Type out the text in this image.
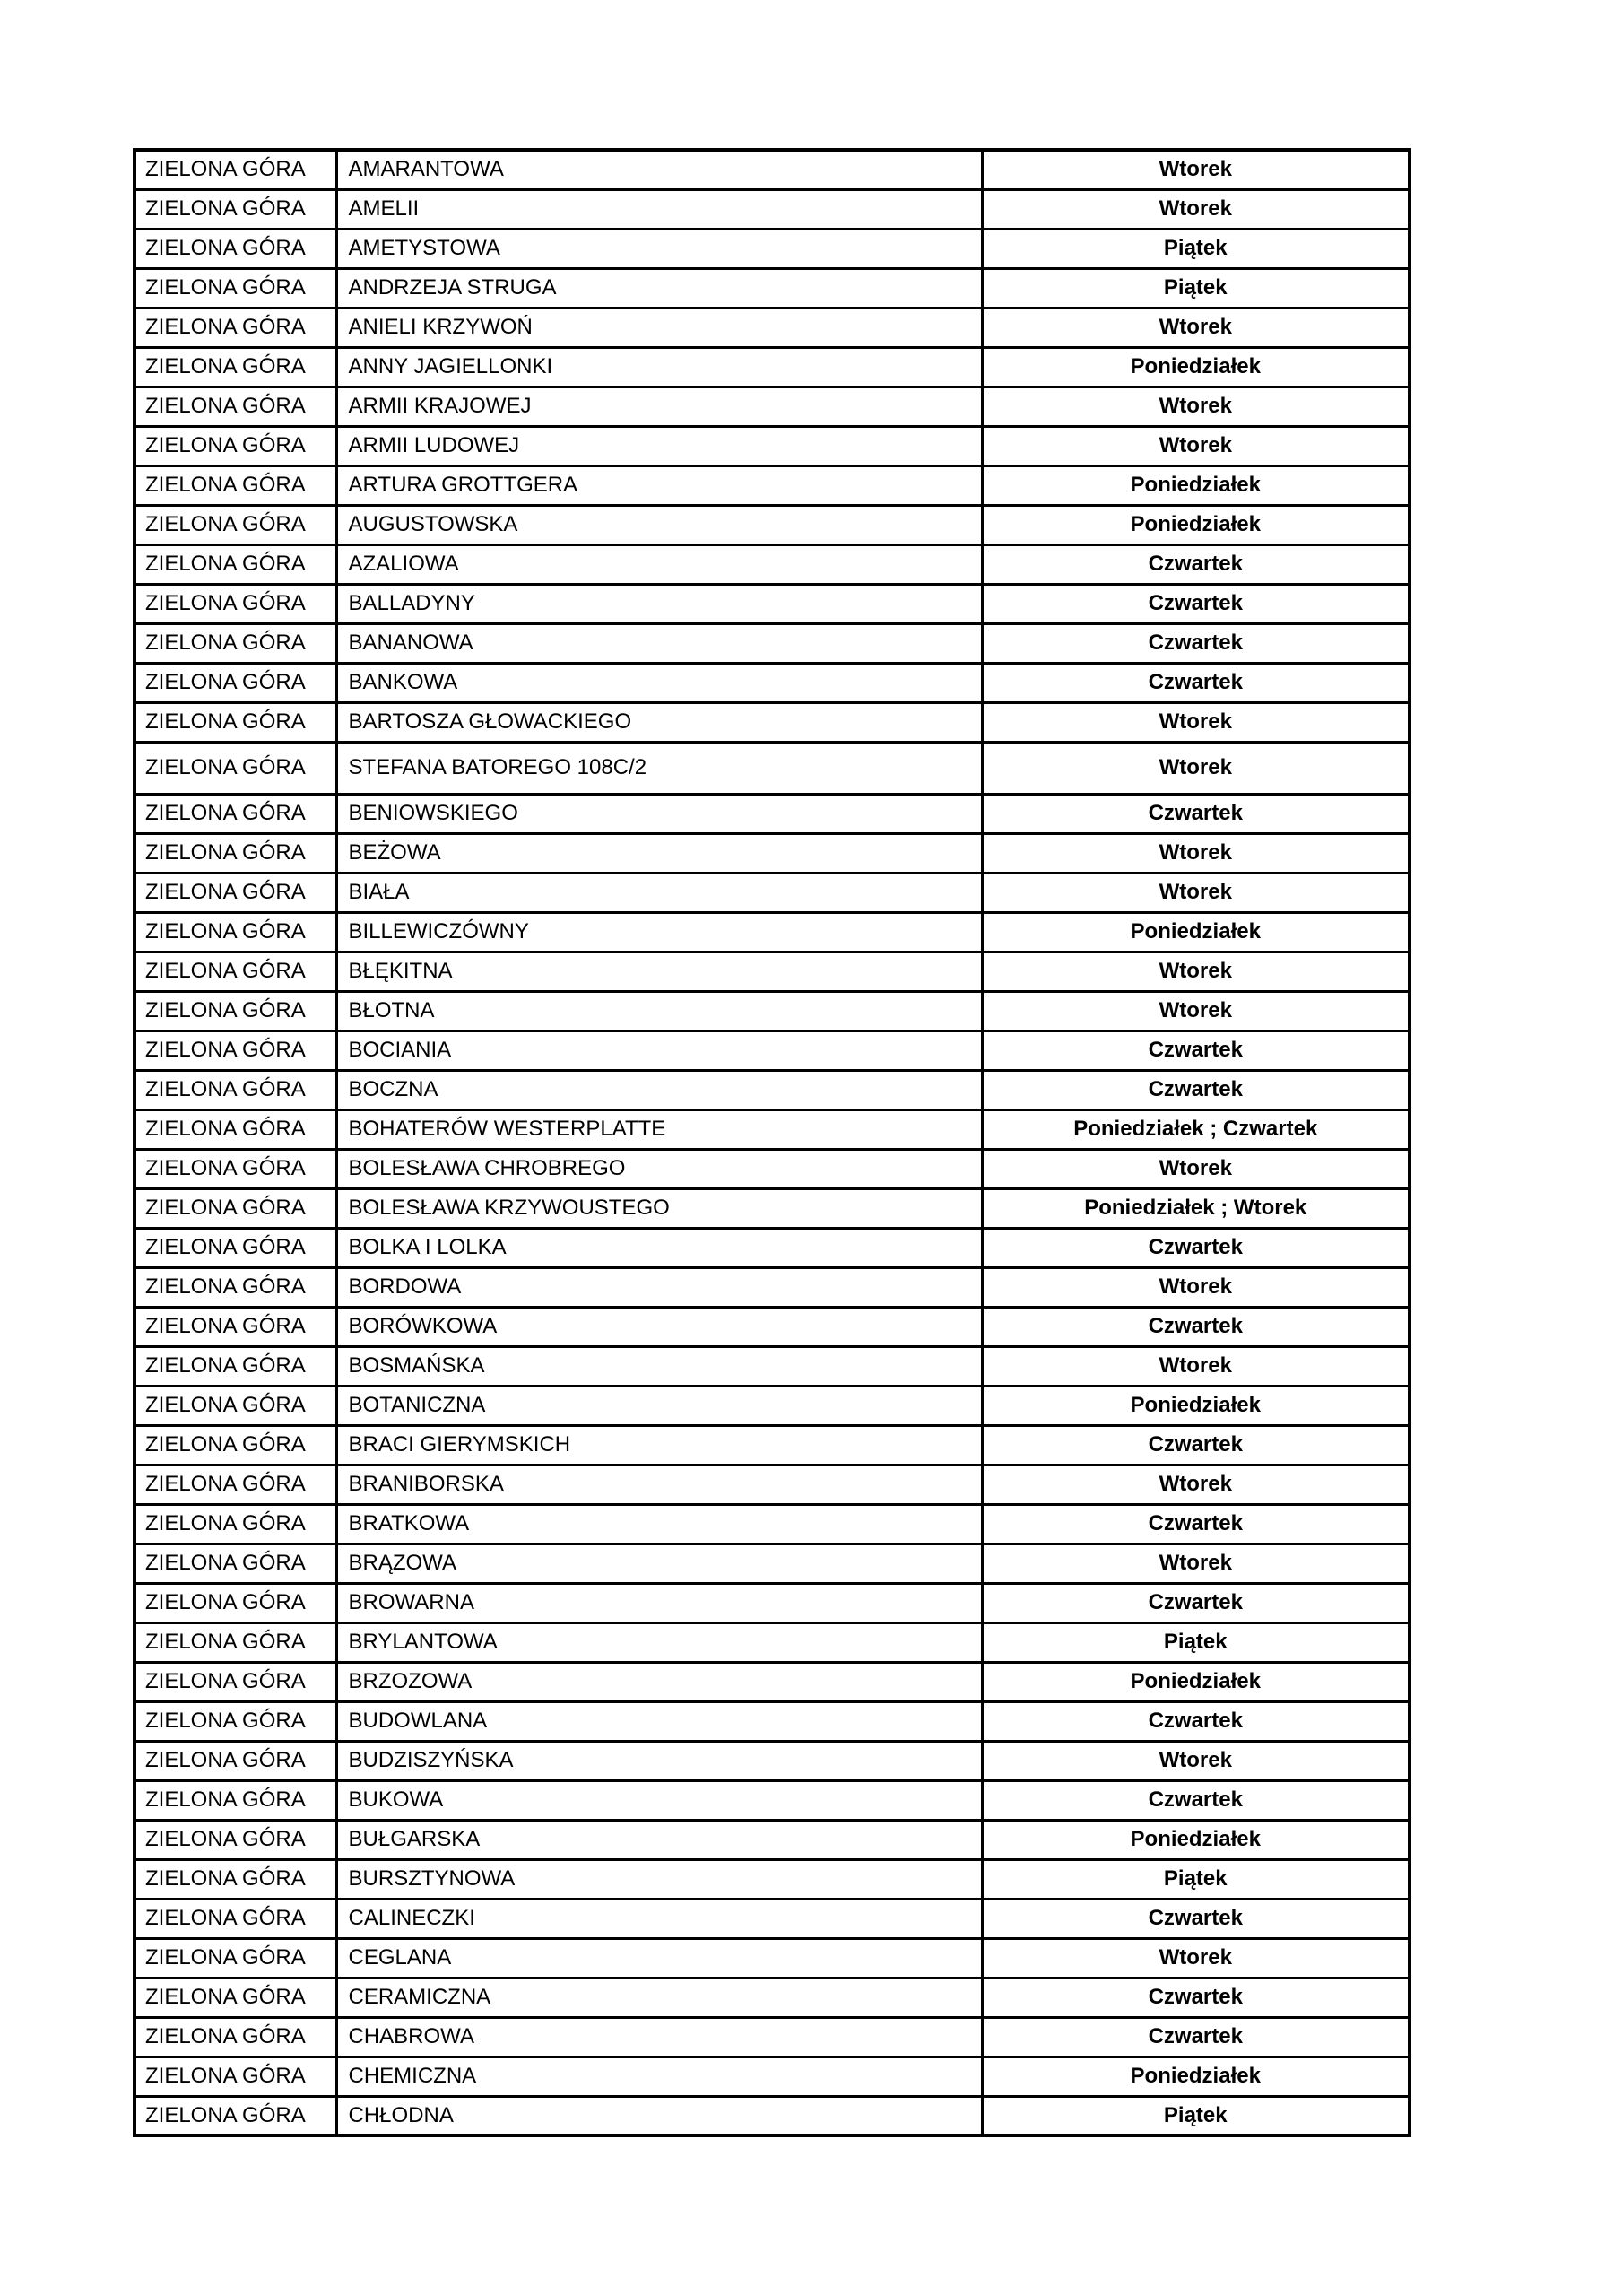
ZIELONA GÓRA	AMARANTOWA	Wtorek
ZIELONA GÓRA	AMELII	Wtorek
ZIELONA GÓRA	AMETYSTOWA	Piątek
ZIELONA GÓRA	ANDRZEJA STRUGA	Piątek
ZIELONA GÓRA	ANIELI KRZYWOŃ	Wtorek
ZIELONA GÓRA	ANNY JAGIELLONKI	Poniedziałek
ZIELONA GÓRA	ARMII KRAJOWEJ	Wtorek
ZIELONA GÓRA	ARMII LUDOWEJ	Wtorek
ZIELONA GÓRA	ARTURA GROTTGERA	Poniedziałek
ZIELONA GÓRA	AUGUSTOWSKA	Poniedziałek
ZIELONA GÓRA	AZALIOWA	Czwartek
ZIELONA GÓRA	BALLADYNY	Czwartek
ZIELONA GÓRA	BANANOWA	Czwartek
ZIELONA GÓRA	BANKOWA	Czwartek
ZIELONA GÓRA	BARTOSZA GŁOWACKIEGO	Wtorek
ZIELONA GÓRA	STEFANA BATOREGO 108C/2	Wtorek
ZIELONA GÓRA	BENIOWSKIEGO	Czwartek
ZIELONA GÓRA	BEŻOWA	Wtorek
ZIELONA GÓRA	BIAŁA	Wtorek
ZIELONA GÓRA	BILLEWICZÓWNY	Poniedziałek
ZIELONA GÓRA	BŁĘKITNA	Wtorek
ZIELONA GÓRA	BŁOTNA	Wtorek
ZIELONA GÓRA	BOCIANIA	Czwartek
ZIELONA GÓRA	BOCZNA	Czwartek
ZIELONA GÓRA	BOHATERÓW WESTERPLATTE	Poniedziałek ; Czwartek
ZIELONA GÓRA	BOLESŁAWA CHROBREGO	Wtorek
ZIELONA GÓRA	BOLESŁAWA KRZYWOUSTEGO	Poniedziałek ; Wtorek
ZIELONA GÓRA	BOLKA I LOLKA	Czwartek
ZIELONA GÓRA	BORDOWA	Wtorek
ZIELONA GÓRA	BORÓWKOWA	Czwartek
ZIELONA GÓRA	BOSMAŃSKA	Wtorek
ZIELONA GÓRA	BOTANICZNA	Poniedziałek
ZIELONA GÓRA	BRACI GIERYMSKICH	Czwartek
ZIELONA GÓRA	BRANIBORSKA	Wtorek
ZIELONA GÓRA	BRATKOWA	Czwartek
ZIELONA GÓRA	BRĄZOWA	Wtorek
ZIELONA GÓRA	BROWARNA	Czwartek
ZIELONA GÓRA	BRYLANTOWA	Piątek
ZIELONA GÓRA	BRZOZOWA	Poniedziałek
ZIELONA GÓRA	BUDOWLANA	Czwartek
ZIELONA GÓRA	BUDZISZYŃSKA	Wtorek
ZIELONA GÓRA	BUKOWA	Czwartek
ZIELONA GÓRA	BUŁGARSKA	Poniedziałek
ZIELONA GÓRA	BURSZTYNOWA	Piątek
ZIELONA GÓRA	CALINECZKI	Czwartek
ZIELONA GÓRA	CEGLANA	Wtorek
ZIELONA GÓRA	CERAMICZNA	Czwartek
ZIELONA GÓRA	CHABROWA	Czwartek
ZIELONA GÓRA	CHEMICZNA	Poniedziałek
ZIELONA GÓRA	CHŁODNA	Piątek
